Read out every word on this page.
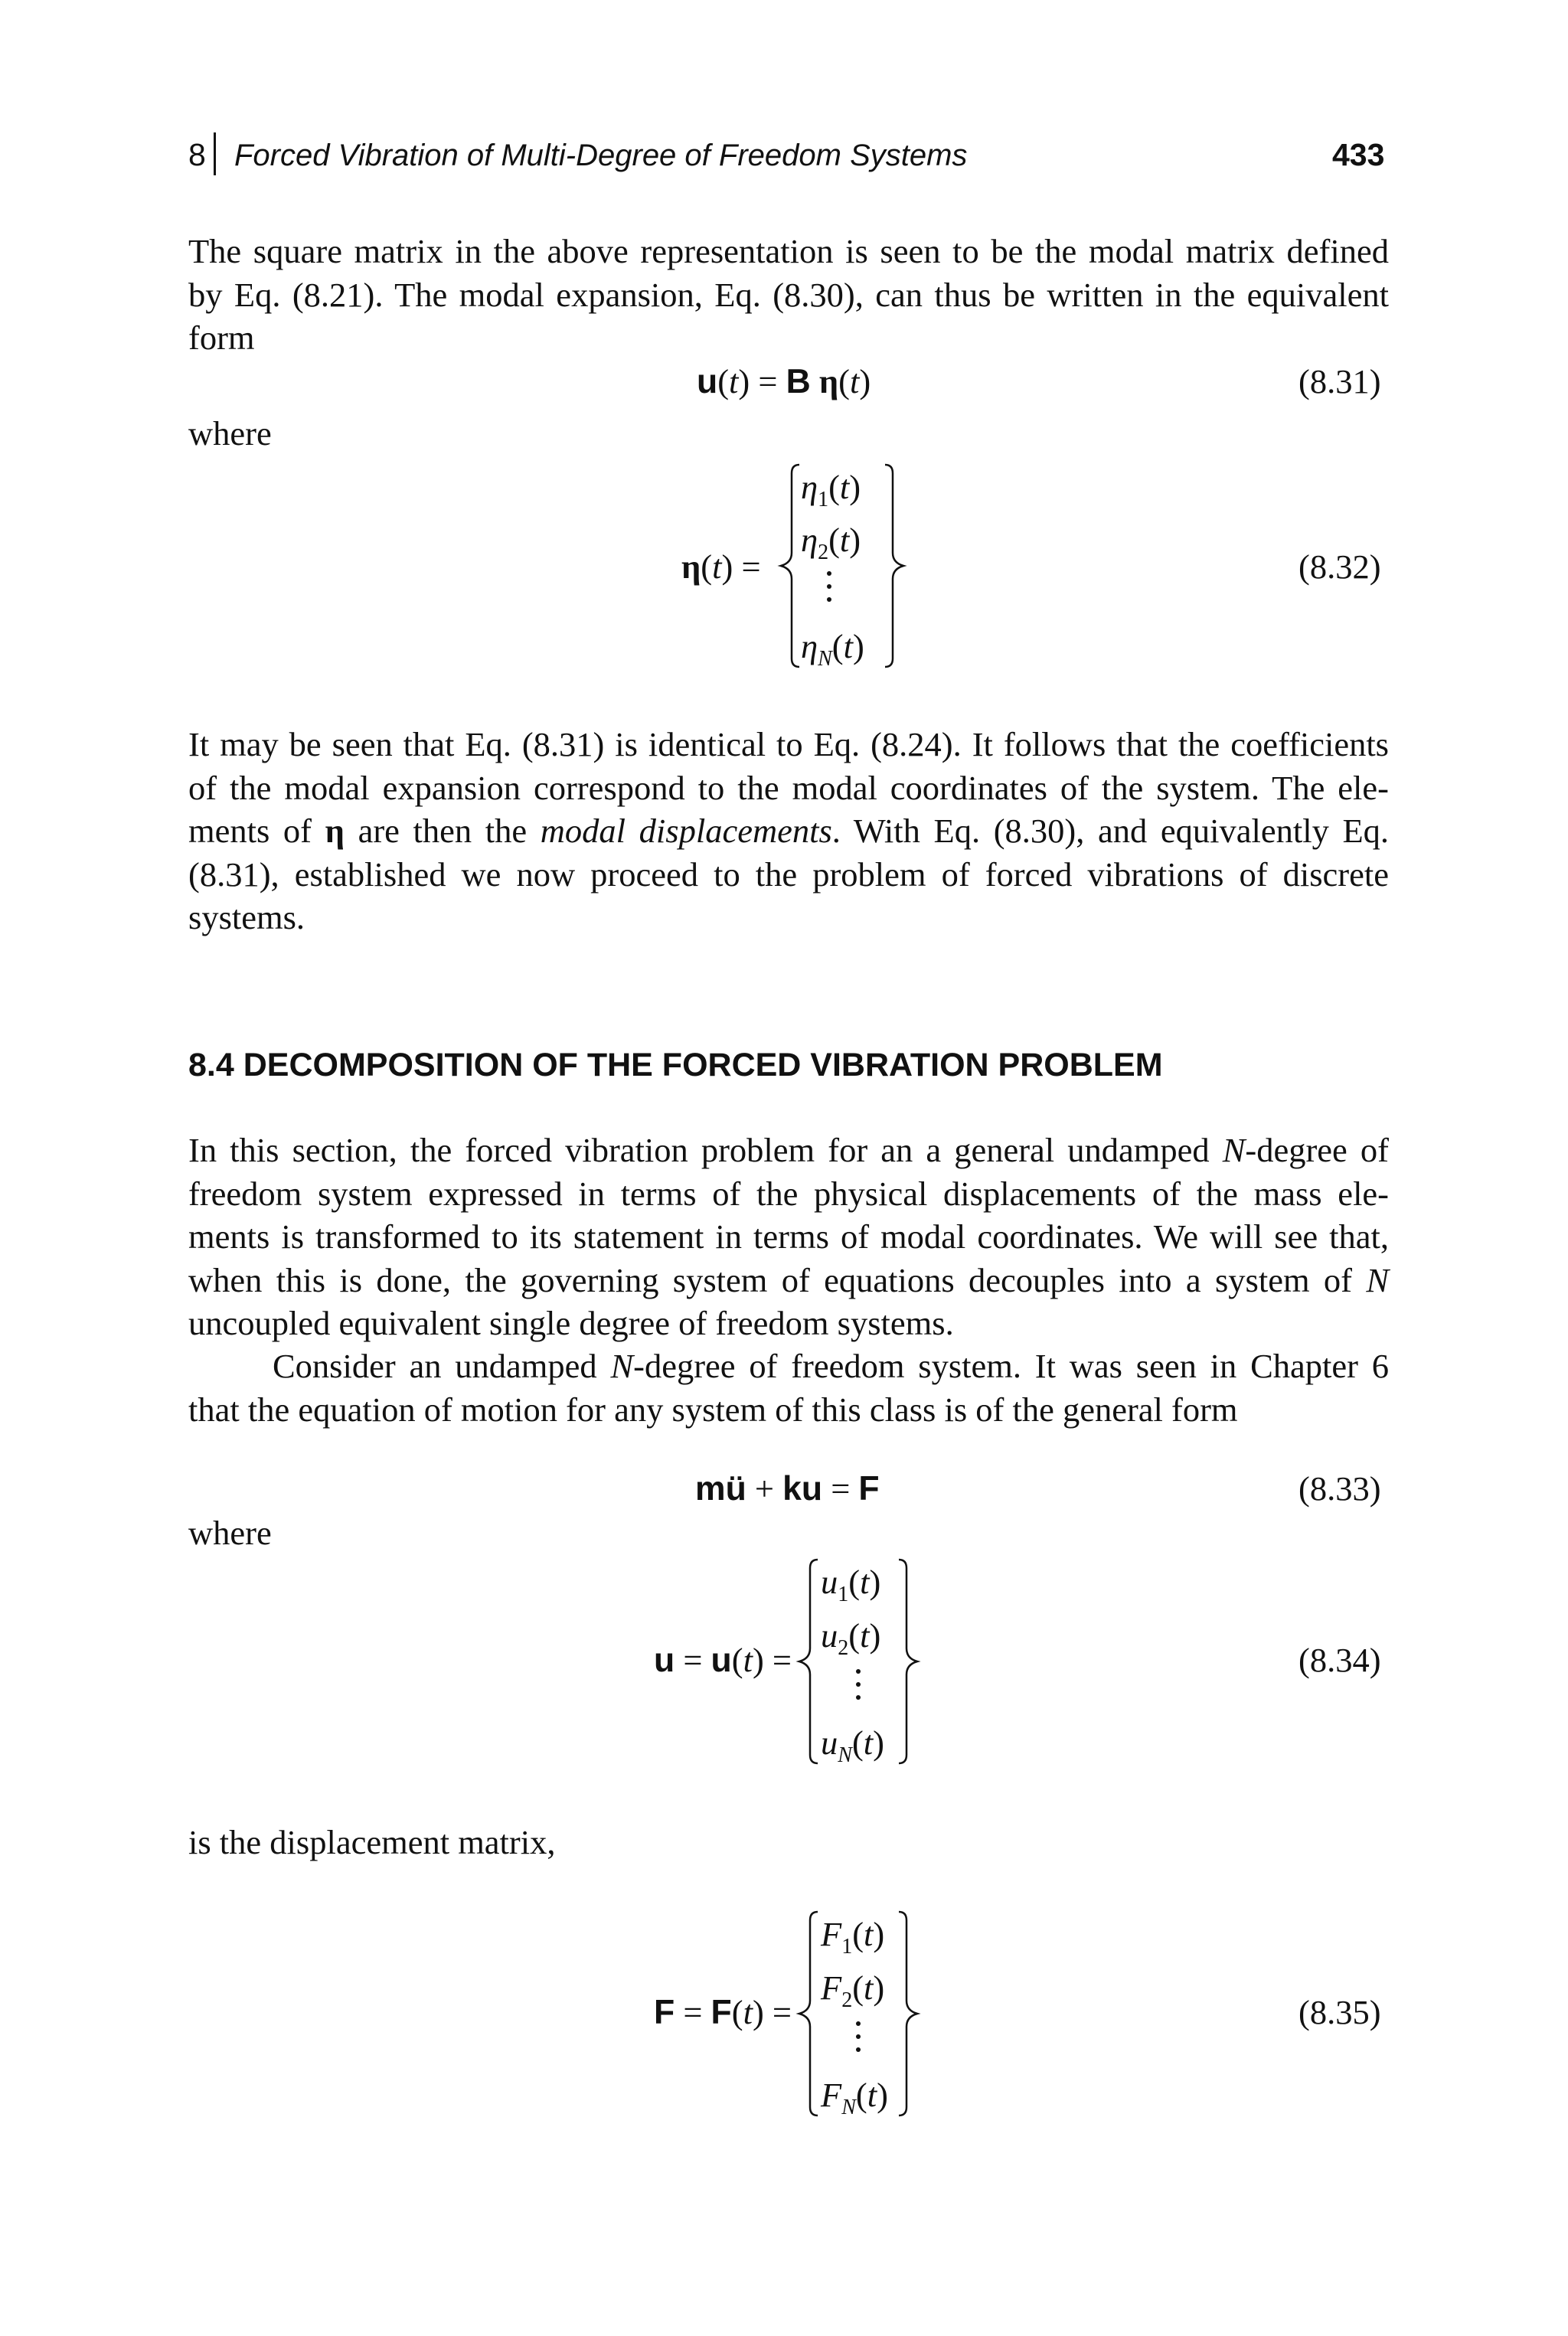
8 Forced Vibration of Multi-Degree of Freedom Systems	433
The square matrix in the above representation is seen to be the modal matrix defined
by Eq. (8.21). The modal expansion, Eq. (8.30), can thus be written in the equivalent
form
u(t) = B η(t)	(8.31)
where
η(t) =
$\eta_1(t)$
$\eta_2(t)$
$\eta_N(t)$
(8.32)
It may be seen that Eq. (8.31) is identical to Eq. (8.24). It follows that the coefficients
of the modal expansion correspond to the modal coordinates of the system. The ele-
ments of η are then the modal displacements. With Eq. (8.30), and equivalently Eq.
(8.31), established we now proceed to the problem of forced vibrations of discrete
systems.
8.4 DECOMPOSITION OF THE FORCED VIBRATION PROBLEM
In this section, the forced vibration problem for an a general undamped N-degree of
freedom system expressed in terms of the physical displacements of the mass ele-
ments is transformed to its statement in terms of modal coordinates. We will see that,
when this is done, the governing system of equations decouples into a system of N
uncoupled equivalent single degree of freedom systems.
Consider an undamped N-degree of freedom system. It was seen in Chapter 6
that the equation of motion for any system of this class is of the general form
mü + ku = F	(8.33)
where
u = u(t) =
$u_1(t)$
$u_2(t)$
$u_N(t)$
(8.34)
is the displacement matrix,
F = F(t) =
$F_1(t)$
$F_2(t)$
$F_N(t)$
(8.35)
